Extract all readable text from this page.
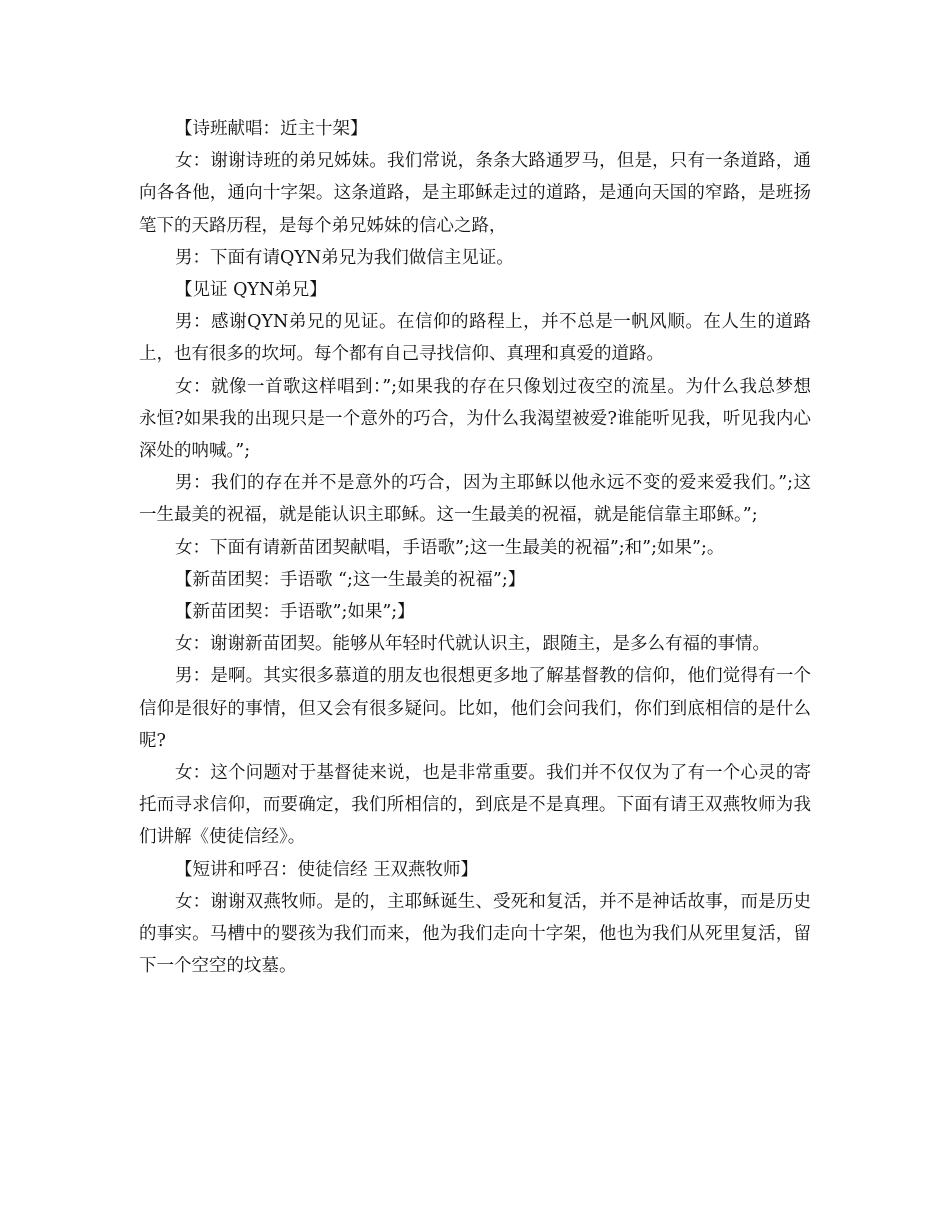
【诗班献唱：近主十架】

女：谢谢诗班的弟兄姊妹。我们常说，条条大路通罗马，但是，只有一条道路，通向各各他，通向十字架。这条道路，是主耶稣走过的道路，是通向天国的窄路，是班扬笔下的天路历程，是每个弟兄姊妹的信心之路，

男：下面有请QYN弟兄为我们做信主见证。

【见证 QYN弟兄】

男：感谢QYN弟兄的见证。在信仰的路程上，并不总是一帆风顺。在人生的道路上，也有很多的坎坷。每个都有自己寻找信仰、真理和真爱的道路。

女：就像一首歌这样唱到：”;如果我的存在只像划过夜空的流星。为什么我总梦想永恒?如果我的出现只是一个意外的巧合，为什么我渴望被爱?谁能听见我，听见我内心深处的呐喊。”;

男：我们的存在并不是意外的巧合，因为主耶稣以他永远不变的爱来爱我们。”;这一生最美的祝福，就是能认识主耶稣。这一生最美的祝福，就是能信靠主耶稣。”;

女：下面有请新苗团契献唱，手语歌”;这一生最美的祝福”;和”;如果”;。

【新苗团契：手语歌 “;这一生最美的祝福”;】

【新苗团契：手语歌”;如果”;】

女：谢谢新苗团契。能够从年轻时代就认识主，跟随主，是多么有福的事情。

男：是啊。其实很多慕道的朋友也很想更多地了解基督教的信仰，他们觉得有一个信仰是很好的事情，但又会有很多疑问。比如，他们会问我们，你们到底相信的是什么呢?

女：这个问题对于基督徒来说，也是非常重要。我们并不仅仅为了有一个心灵的寄托而寻求信仰，而要确定，我们所相信的，到底是不是真理。下面有请王双燕牧师为我们讲解《使徒信经》。

【短讲和呼召：使徒信经 王双燕牧师】

女：谢谢双燕牧师。是的，主耶稣诞生、受死和复活，并不是神话故事，而是历史的事实。马槽中的婴孩为我们而来，他为我们走向十字架，他也为我们从死里复活，留下一个空空的坟墓。
